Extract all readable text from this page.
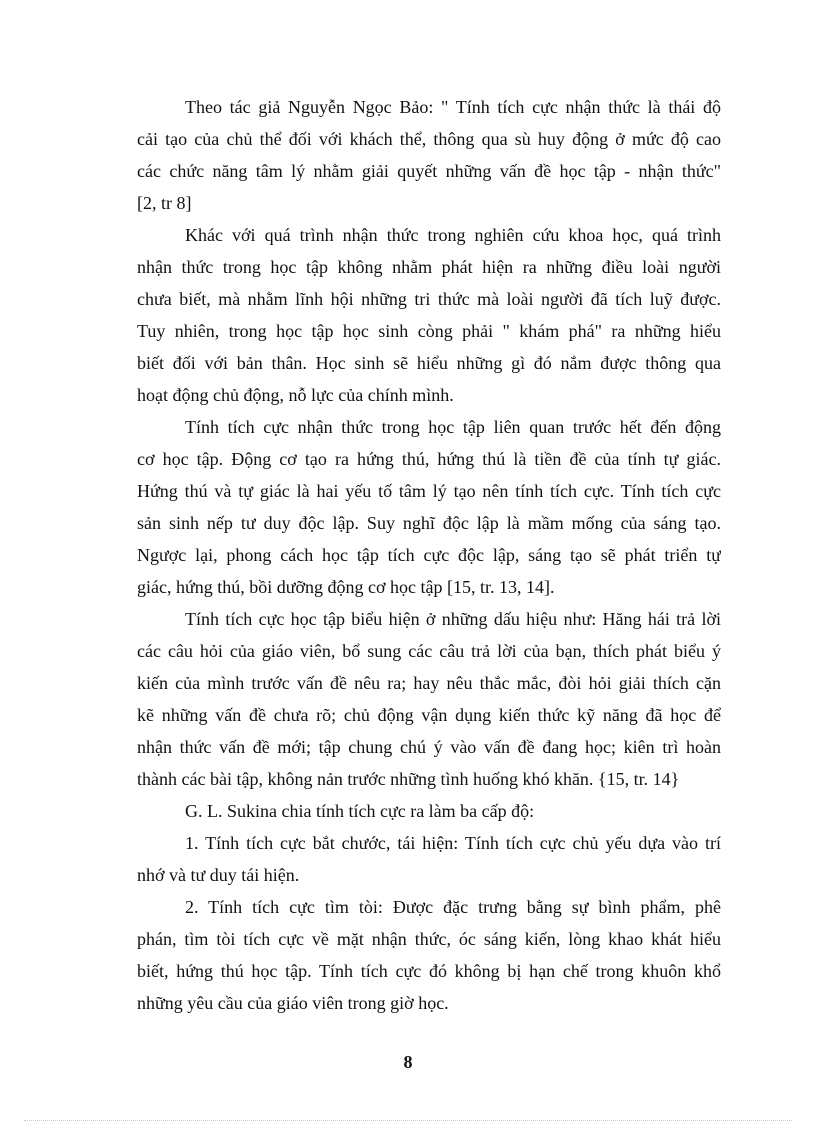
Theo tác giả Nguyễn Ngọc Bảo: " Tính tích cực nhận thức là thái độ
cải tạo của chủ thể đối với khách thể, thông qua sù huy động ở mức độ cao
các chức năng tâm lý nhằm giải quyết những vấn đề học tập - nhận thức"
[2, tr 8]
Khác với quá trình nhận thức trong nghiên cứu khoa học, quá trình
nhận thức trong học tập không nhằm phát hiện ra những điều loài người
chưa biết, mà nhằm lĩnh hội những tri thức mà loài người đã tích luỹ được.
Tuy nhiên, trong học tập học sinh còng phải " khám phá" ra những hiểu
biết đối với bản thân. Học sinh sẽ hiểu những gì đó nắm được thông qua
hoạt động chủ động, nỗ lực của chính mình.
Tính tích cực nhận thức trong học tập liên quan trước hết đến động
cơ học tập. Động cơ tạo ra hứng thú, hứng thú là tiền đề của tính tự giác.
Hứng thú và tự giác là hai yếu tố tâm lý tạo nên tính tích cực. Tính tích cực
sản sinh nếp tư duy độc lập. Suy nghĩ độc lập là mầm mống của sáng tạo.
Ngược lại, phong cách học tập tích cực độc lập, sáng tạo sẽ phát triển tự
giác, hứng thú, bồi dưỡng động cơ học tập [15, tr. 13, 14].
Tính tích cực học tập biểu hiện ở những dấu hiệu như: Hăng hái trả lời
các câu hỏi của giáo viên, bổ sung các câu trả lời của bạn, thích phát biểu ý
kiến của mình trước vấn đề nêu ra; hay nêu thắc mắc, đòi hỏi giải thích cặn
kẽ những vấn đề chưa rõ; chủ động vận dụng kiến thức kỹ năng đã học để
nhận thức vấn đề mới; tập chung chú ý vào vấn đề đang học; kiên trì hoàn
thành các bài tập, không nản trước những tình huống khó khăn. {15, tr. 14}
G. L. Sukina chia tính tích cực ra làm ba cấp độ:
1. Tính tích cực bắt chước, tái hiện: Tính tích cực chủ yếu dựa vào trí
nhớ và tư duy tái hiện.
2. Tính tích cực tìm tòi: Được đặc trưng bằng sự bình phẩm, phê
phán, tìm tòi tích cực về mặt nhận thức, óc sáng kiến, lòng khao khát hiểu
biết, hứng thú học tập. Tính tích cực đó không bị hạn chế trong khuôn khổ
những yêu cầu của giáo viên trong giờ học.
8
